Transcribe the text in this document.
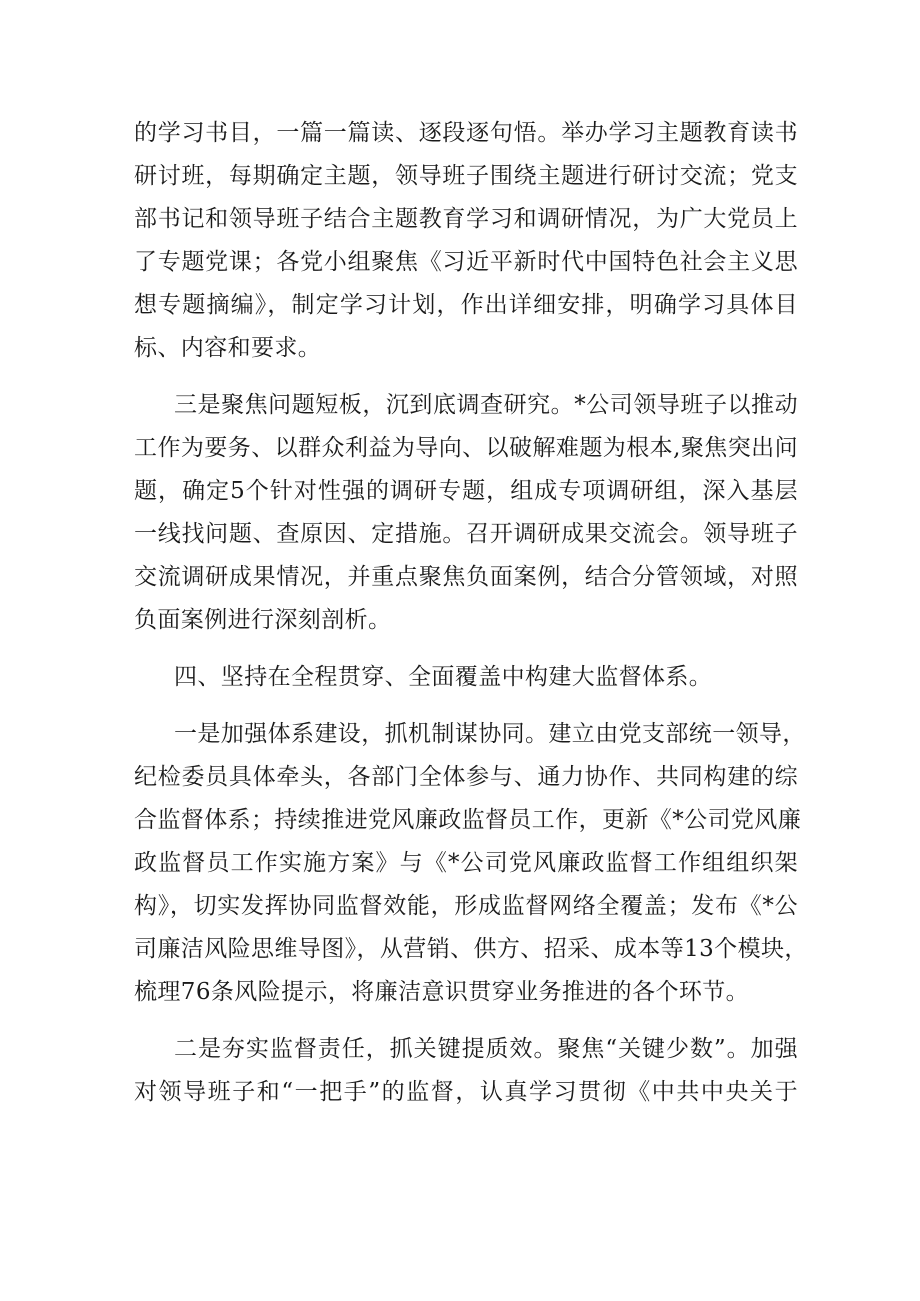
的学习书目，一篇一篇读、逐段逐句悟。举办学习主题教育读书
研讨班，每期确定主题，领导班子围绕主题进行研讨交流；党支
部书记和领导班子结合主题教育学习和调研情况，为广大党员上
了专题党课；各党小组聚焦《习近平新时代中国特色社会主义思
想专题摘编》，制定学习计划，作出详细安排，明确学习具体目
标、内容和要求。

三是聚焦问题短板，沉到底调查研究。*公司领导班子以推动
工作为要务、以群众利益为导向、以破解难题为根本,聚焦突出问
题，确定5个针对性强的调研专题，组成专项调研组，深入基层
一线找问题、查原因、定措施。召开调研成果交流会。领导班子
交流调研成果情况，并重点聚焦负面案例，结合分管领域，对照
负面案例进行深刻剖析。

四、坚持在全程贯穿、全面覆盖中构建大监督体系。

一是加强体系建设，抓机制谋协同。建立由党支部统一领导，
纪检委员具体牵头，各部门全体参与、通力协作、共同构建的综
合监督体系；持续推进党风廉政监督员工作，更新《*公司党风廉
政监督员工作实施方案》与《*公司党风廉政监督工作组组织架
构》，切实发挥协同监督效能，形成监督网络全覆盖；发布《*公
司廉洁风险思维导图》，从营销、供方、招采、成本等13个模块，
梳理76条风险提示，将廉洁意识贯穿业务推进的各个环节。

二是夯实监督责任，抓关键提质效。聚焦“关键少数”。加强
对领导班子和“一把手”的监督，认真学习贯彻《中共中央关于
